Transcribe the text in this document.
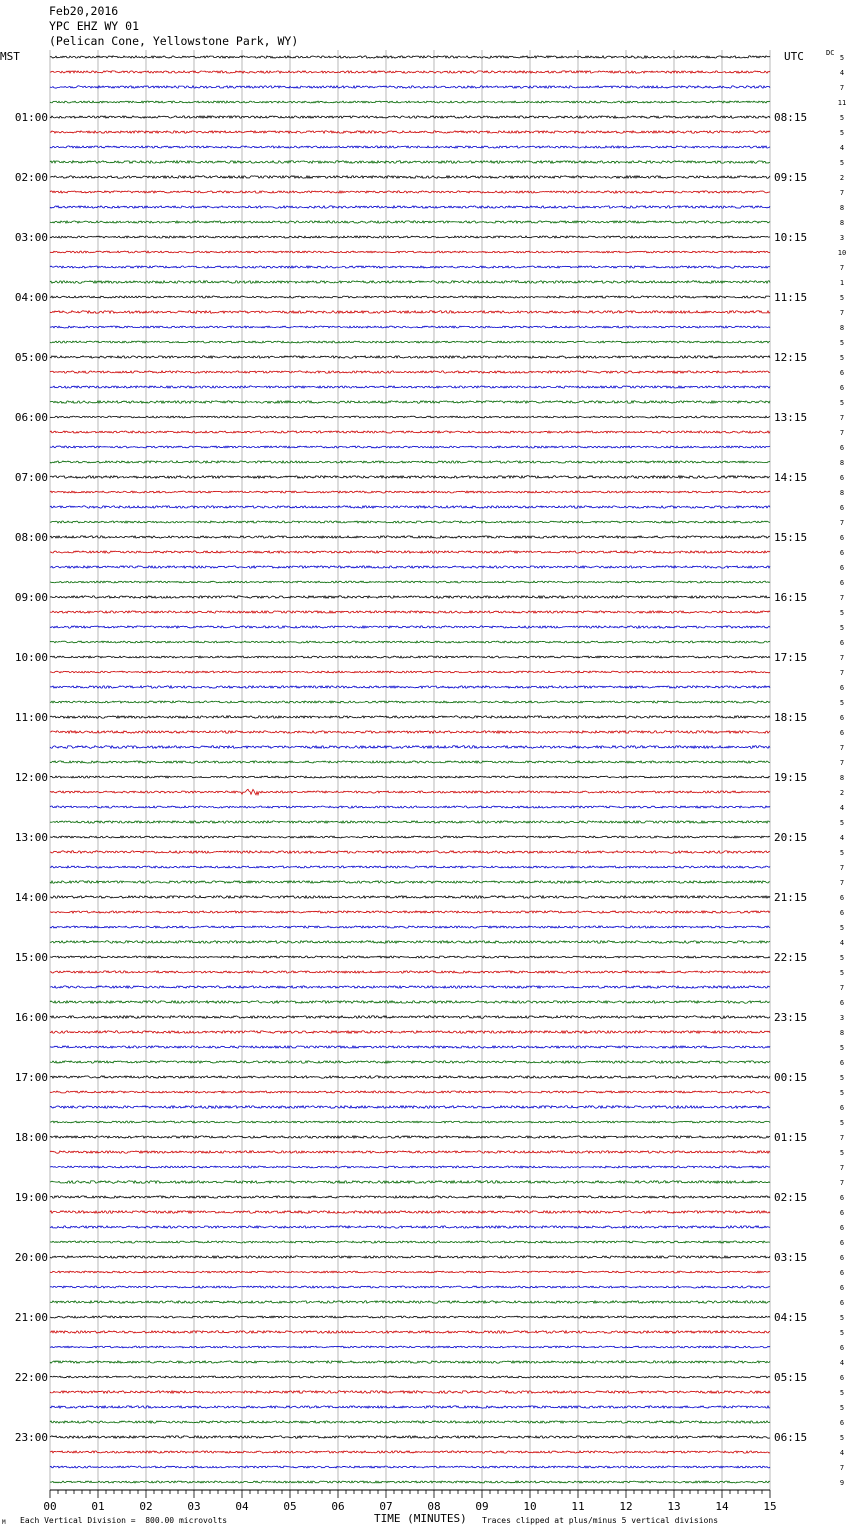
Feb20,2016
YPC EHZ WY 01
(Pelican Cone, Yellowstone Park, WY)
MST	UTC	DC
01:00
02:00
03:00
04:00
05:00
06:00
07:00
08:00
09:00
10:00
11:00
12:00
13:00
14:00
15:00
16:00
17:00
18:00
19:00
20:00
21:00
22:00
23:00
08:15
09:15
10:15
11:15
12:15
13:15
14:15
15:15
16:15
17:15
18:15
19:15
20:15
21:15
22:15
23:15
00:15
01:15
02:15
03:15
04:15
05:15
06:15
5
4
7
11
5
5
4
5
2
7
8
8
3
10
7
1
5
7
8
5
5
6
6
5
7
7
6
8
6
8
6
7
6
6
6
6
7
5
5
6
7
7
6
5
6
6
7
7
8
2
4
5
4
5
7
7
6
6
5
4
5
5
7
6
3
8
5
6
5
5
6
5
7
5
7
7
6
6
6
6
6
6
6
6
5
5
6
4
6
5
5
6
5
4
7
9
00	01	02	03	04	05	06	07	08	09	10	11	12	13	14	15
M Each Vertical Division =  800.00 microvolts	TIME (MINUTES) Traces clipped at plus/minus 5 vertical divisions
